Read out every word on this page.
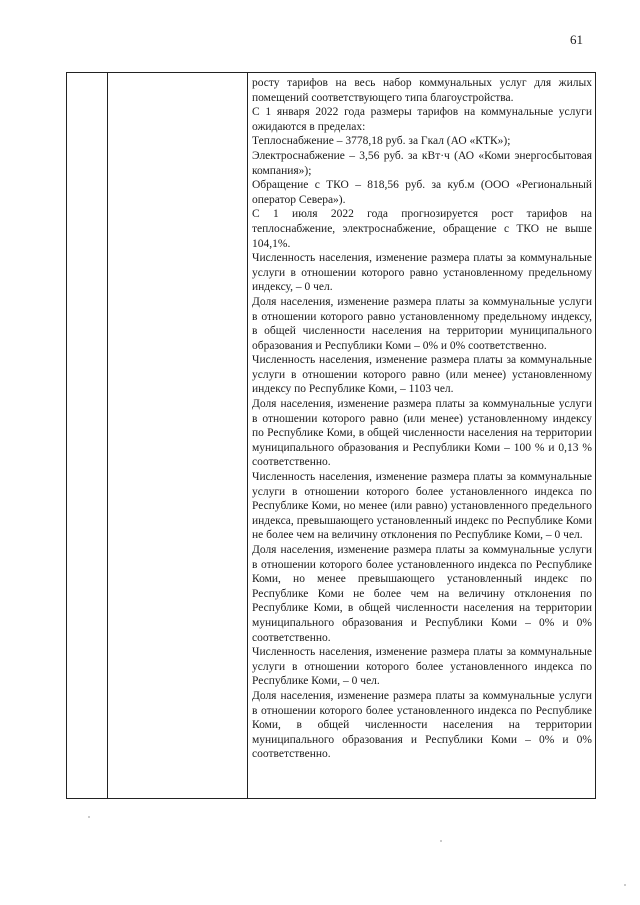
61

росту тарифов на весь набор коммунальных услуг для жилых помещений соответствующего типа благоустройства.

С 1 января 2022 года размеры тарифов на коммунальные услуги ожидаются в пределах:

Теплоснабжение – 3778,18 руб. за Гкал (АО «КТК»);

Электроснабжение – 3,56 руб. за кВт·ч (АО «Коми энергосбытовая компания»);

Обращение с ТКО – 818,56 руб. за куб.м (ООО «Региональный оператор Севера»).

С 1 июля 2022 года прогнозируется рост тарифов на теплоснабжение, электроснабжение, обращение с ТКО не выше 104,1%.

Численность населения, изменение размера платы за коммунальные услуги в отношении которого равно установленному предельному индексу, – 0 чел.

Доля населения, изменение размера платы за коммунальные услуги в отношении которого равно установленному предельному индексу, в общей численности населения на территории муниципального образования и Республики Коми – 0% и 0% соответственно.

Численность населения, изменение размера платы за коммунальные услуги в отношении которого равно (или менее) установленному индексу по Республике Коми, – 1103 чел.

Доля населения, изменение размера платы за коммунальные услуги в отношении которого равно (или менее) установленному индексу по Республике Коми, в общей численности населения на территории муниципального образования и Республики Коми – 100 % и 0,13 % соответственно.

Численность населения, изменение размера платы за коммунальные услуги в отношении которого более установленного индекса по Республике Коми, но менее (или равно) установленного предельного индекса, превышающего установленный индекс по Республике Коми не более чем на величину отклонения по Республике Коми, – 0 чел.

Доля населения, изменение размера платы за коммунальные услуги в отношении которого более установленного индекса по Республике Коми, но менее превышающего установленный индекс по Республике Коми не более чем на величину отклонения по Республике Коми, в общей численности населения на территории муниципального образования и Республики Коми – 0% и 0% соответственно.

Численность населения, изменение размера платы за коммунальные услуги в отношении которого более установленного индекса по Республике Коми, – 0 чел.

Доля населения, изменение размера платы за коммунальные услуги в отношении которого более установленного индекса по Республике Коми, в общей численности населения на территории муниципального образования и Республики Коми – 0% и 0% соответственно.
